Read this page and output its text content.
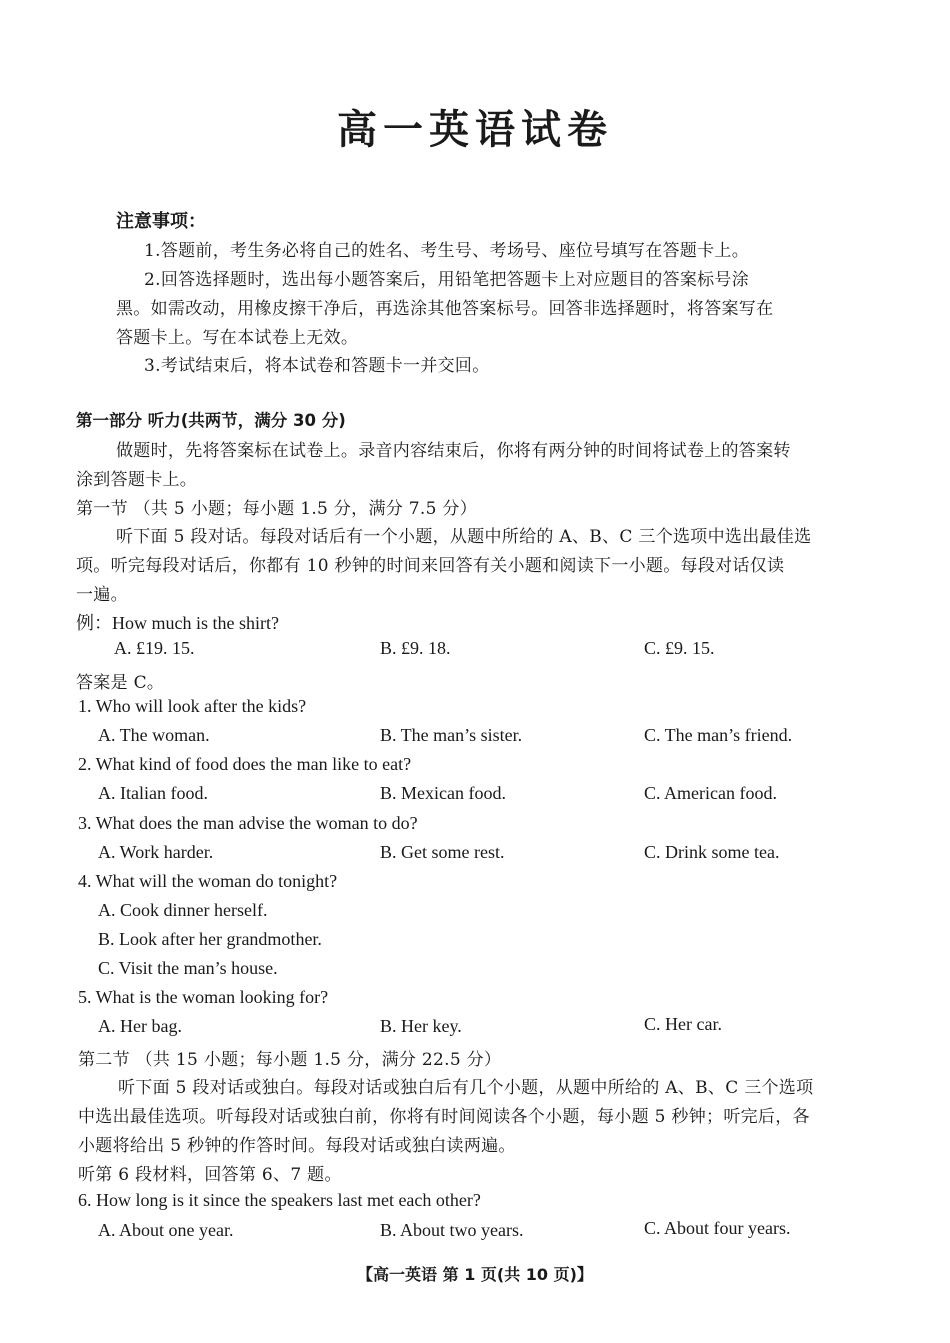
高一英语试卷
注意事项：
1.答题前，考生务必将自己的姓名、考生号、考场号、座位号填写在答题卡上。
2.回答选择题时，选出每小题答案后，用铅笔把答题卡上对应题目的答案标号涂
黑。如需改动，用橡皮擦干净后，再选涂其他答案标号。回答非选择题时，将答案写在
答题卡上。写在本试卷上无效。
3.考试结束后，将本试卷和答题卡一并交回。
第一部分 听力(共两节，满分 30 分)
做题时，先将答案标在试卷上。录音内容结束后，你将有两分钟的时间将试卷上的答案转
涂到答题卡上。
第一节 （共 5 小题；每小题 1.5 分，满分 7.5 分）
听下面 5 段对话。每段对话后有一个小题，从题中所给的 A、B、C 三个选项中选出最佳选
项。听完每段对话后，你都有 10 秒钟的时间来回答有关小题和阅读下一小题。每段对话仅读
一遍。
例：How much is the shirt?
A. £19. 15.	B. £9. 18.	C. £9. 15.
答案是 C。
1. Who will look after the kids?
A. The woman.	B. The man’s sister.	C. The man’s friend.
2. What kind of food does the man like to eat?
A. Italian food.	B. Mexican food.	C. American food.
3. What does the man advise the woman to do?
A. Work harder.	B. Get some rest.	C. Drink some tea.
4. What will the woman do tonight?
A. Cook dinner herself.
B. Look after her grandmother.
C. Visit the man’s house.
5. What is the woman looking for?
A. Her bag.	B. Her key.	C. Her car.
第二节 （共 15 小题；每小题 1.5 分，满分 22.5 分）
听下面 5 段对话或独白。每段对话或独白后有几个小题，从题中所给的 A、B、C 三个选项
中选出最佳选项。听每段对话或独白前，你将有时间阅读各个小题，每小题 5 秒钟；听完后，各
小题将给出 5 秒钟的作答时间。每段对话或独白读两遍。
听第 6 段材料，回答第 6、7 题。
6. How long is it since the speakers last met each other?
A. About one year.	B. About two years.	C. About four years.
【高一英语 第 1 页(共 10 页)】
